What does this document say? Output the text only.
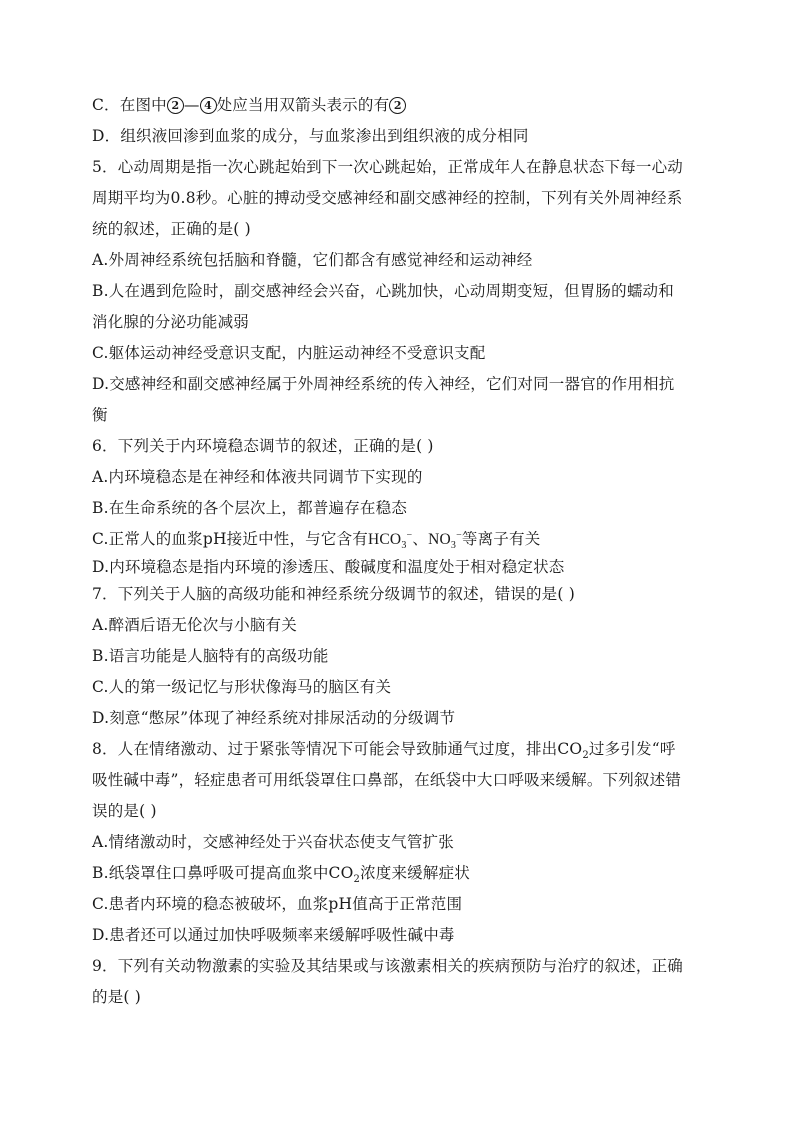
C．在图中 2 — 4 处应当用双箭头表示的有 2
D．组织液回渗到血浆的成分，与血浆渗出到组织液的成分相同
5．心动周期是指一次心跳起始到下一次心跳起始，正常成年人在静息状态下每一心动
周期平均为0.8秒。心脏的搏动受交感神经和副交感神经的控制，下列有关外周神经系
统的叙述，正确的是( )
A.外周神经系统包括脑和脊髓，它们都含有感觉神经和运动神经
B.人在遇到危险时，副交感神经会兴奋，心跳加快，心动周期变短，但胃肠的蠕动和
消化腺的分泌功能减弱
C.躯体运动神经受意识支配，内脏运动神经不受意识支配
D.交感神经和副交感神经属于外周神经系统的传入神经，它们对同一器官的作用相抗
衡
6．下列关于内环境稳态调节的叙述，正确的是( )
A.内环境稳态是在神经和体液共同调节下实现的
B.在生命系统的各个层次上，都普遍存在稳态
C.正常人的血浆pH接近中性，与它含有$HCO_3^-$、$NO_3^-$等离子有关
D.内环境稳态是指内环境的渗透压、酸碱度和温度处于相对稳定状态
7．下列关于人脑的高级功能和神经系统分级调节的叙述，错误的是( )
A.醉酒后语无伦次与小脑有关
B.语言功能是人脑特有的高级功能
C.人的第一级记忆与形状像海马的脑区有关
D.刻意“憋尿”体现了神经系统对排尿活动的分级调节
8．人在情绪激动、过于紧张等情况下可能会导致肺通气过度，排出$CO_2$过多引发“呼
吸性碱中毒”，轻症患者可用纸袋罩住口鼻部，在纸袋中大口呼吸来缓解。下列叙述错
误的是( )
A.情绪激动时，交感神经处于兴奋状态使支气管扩张
B.纸袋罩住口鼻呼吸可提高血浆中$CO_2$浓度来缓解症状
C.患者内环境的稳态被破坏，血浆pH值高于正常范围
D.患者还可以通过加快呼吸频率来缓解呼吸性碱中毒
9．下列有关动物激素的实验及其结果或与该激素相关的疾病预防与治疗的叙述，正确
的是( )
